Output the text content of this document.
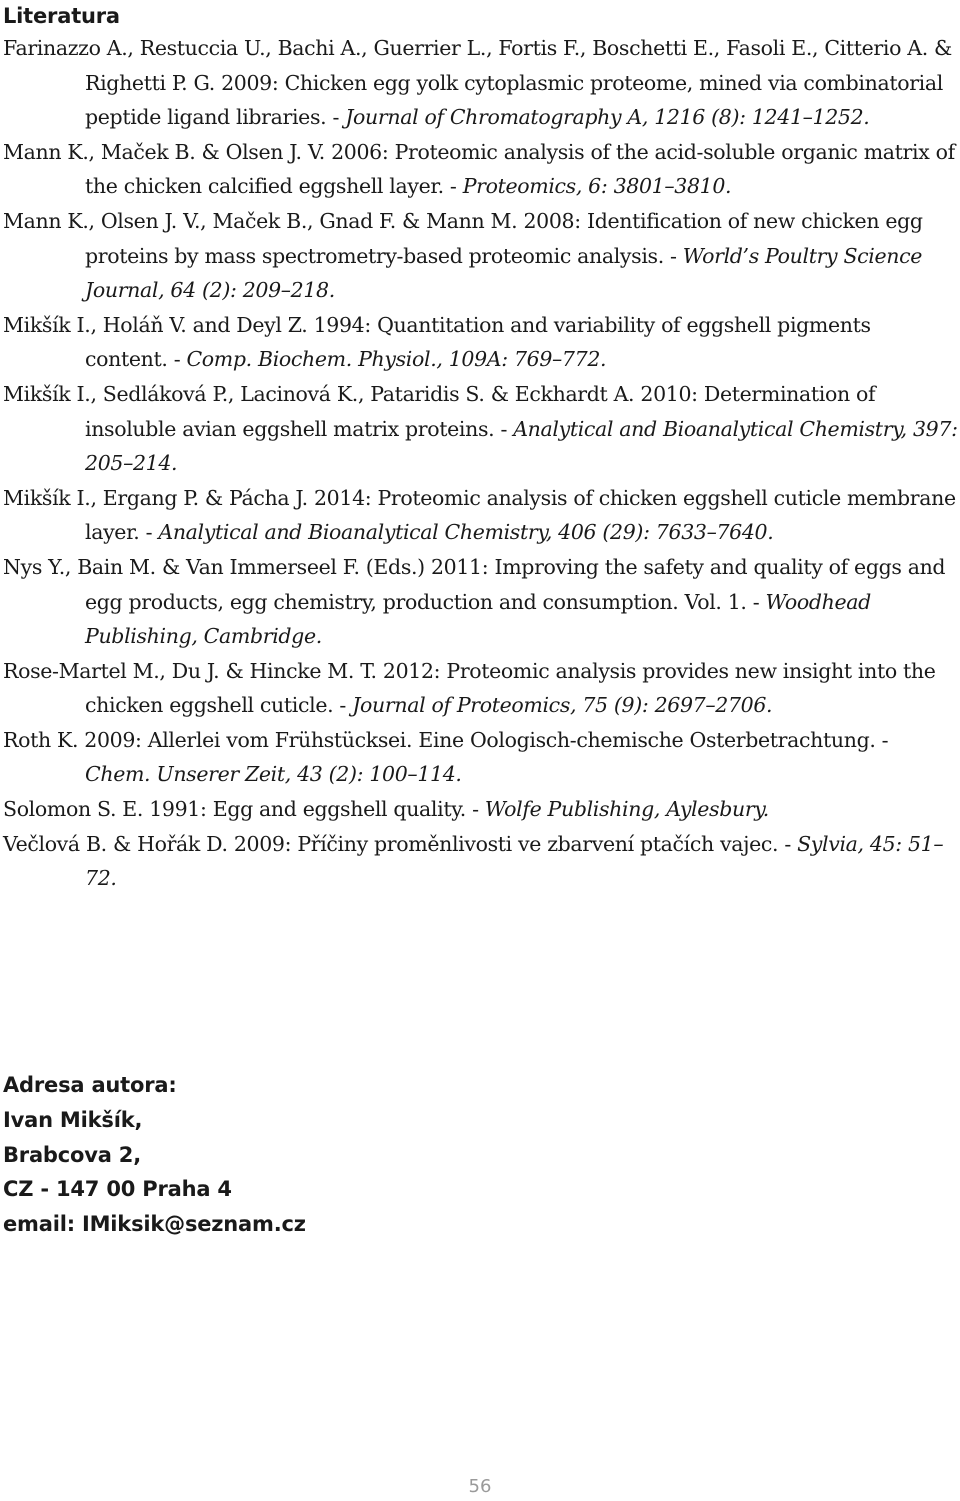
Literatura

Farinazzo A., Restuccia U., Bachi A., Guerrier L., Fortis F., Boschetti E., Fasoli E., Citterio A. & Righetti P. G. 2009: Chicken egg yolk cytoplasmic proteome, mined via combinatorial peptide ligand libraries. - Journal of Chromatography A, 1216 (8): 1241–1252.

Mann K., Maček B. & Olsen J. V. 2006: Proteomic analysis of the acid-soluble organic matrix of the chicken calcified eggshell layer. - Proteomics, 6: 3801–3810.

Mann K., Olsen J. V., Maček B., Gnad F. & Mann M. 2008: Identification of new chicken egg proteins by mass spectrometry-based proteomic analysis. - World’s Poultry Science Journal, 64 (2): 209–218.

Mikšík I., Holáň V. and Deyl Z. 1994: Quantitation and variability of eggshell pigments content. - Comp. Biochem. Physiol., 109A: 769–772.

Mikšík I., Sedláková P., Lacinová K., Pataridis S. & Eckhardt A. 2010: Determination of insoluble avian eggshell matrix proteins. - Analytical and Bioanalytical Chemistry, 397: 205–214.

Mikšík I., Ergang P. & Pácha J. 2014: Proteomic analysis of chicken eggshell cuticle membrane layer. - Analytical and Bioanalytical Chemistry, 406 (29): 7633–7640.

Nys Y., Bain M. & Van Immerseel F. (Eds.) 2011: Improving the safety and quality of eggs and egg products, egg chemistry, production and consumption. Vol. 1. - Woodhead Publishing, Cambridge.

Rose-Martel M., Du J. & Hincke M. T. 2012: Proteomic analysis provides new insight into the chicken eggshell cuticle. - Journal of Proteomics, 75 (9): 2697–2706.

Roth K. 2009: Allerlei vom Frühstücksei. Eine Oologisch-chemische Osterbetrachtung. - Chem. Unserer Zeit, 43 (2): 100–114.

Solomon S. E. 1991: Egg and eggshell quality. - Wolfe Publishing, Aylesbury.

Večlová B. & Hořák D. 2009: Příčiny proměnlivosti ve zbarvení ptačích vajec. - Sylvia, 45: 51–72.

Adresa autora:
Ivan Mikšík,
Brabcova 2,
CZ - 147 00 Praha 4
email: IMiksik@seznam.cz
56
